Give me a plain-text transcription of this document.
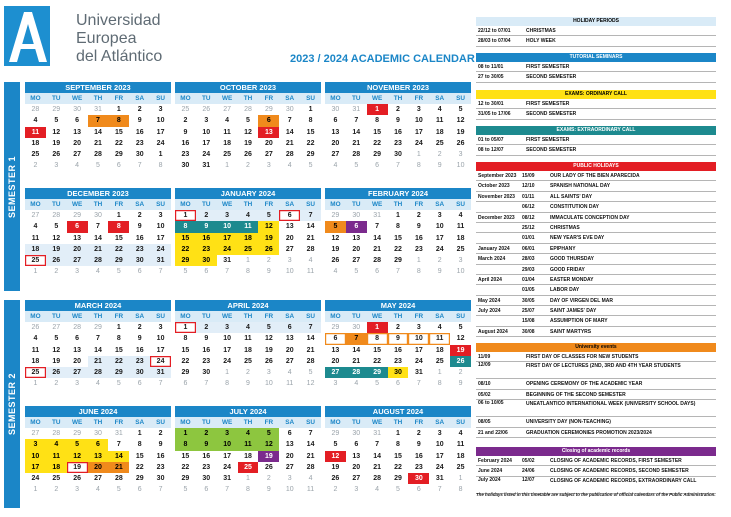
Universidad
Europea
del Atlántico	2023 / 2024 ACADEMIC CALENDAR
SEMESTER 1
SEMESTER 2
SEPTEMBER 2023
MO	TU	WE	TH	FR	SA	SU
28	29	30	31	1	2	3
4	5	6	7	8	9	10
11	12	13	14	15	16	17
18	19	20	21	22	23	24
25	26	27	28	29	30	1
2	3	4	5	6	7	8
OCTOBER 2023
MO	TU	WE	TH	FR	SA	SU
25	26	27	28	29	30	1
2	3	4	5	6	7	8
9	10	11	12	13	14	15
16	17	18	19	20	21	22
23	24	25	26	27	28	29
30	31	1	2	3	4	5
NOVEMBER 2023
MO	TU	WE	TH	FR	SA	SU
30	31	1	2	3	4	5
6	7	8	9	10	11	12
13	14	15	16	17	18	19
20	21	22	23	24	25	26
27	28	29	30	1	2	3
4	5	6	7	8	9	10
DECEMBER 2023
MO	TU	WE	TH	FR	SA	SU
27	28	29	30	1	2	3
4	5	6	7	8	9	10
11	12	13	14	15	16	17
18	19	20	21	22	23	24
25	26	27	28	29	30	31
1	2	3	4	5	6	7
JANUARY 2024
MO	TU	WE	TH	FR	SA	SU
1	2	3	4	5	6	7
8	9	10	11	12	13	14
15	16	17	18	19	20	21
22	23	24	25	26	27	28
29	30	31	1	2	3	4
5	6	7	8	9	10	11
FEBRUARY 2024
MO	TU	WE	TH	FR	SA	SU
29	30	31	1	2	3	4
5	6	7	8	9	10	11
12	13	14	15	16	17	18
19	20	21	22	23	24	25
26	27	28	29	1	2	3
4	5	6	7	8	9	10
MARCH 2024
MO	TU	WE	TH	FR	SA	SU
26	27	28	29	1	2	3
4	5	6	7	8	9	10
11	12	13	14	15	16	17
18	19	20	21	22	23	24
25	26	27	28	29	30	31
1	2	3	4	5	6	7
APRIL 2024
MO	TU	WE	TH	FR	SA	SU
1	2	3	4	5	6	7
8	9	10	11	12	13	14
15	16	17	18	19	20	21
22	23	24	25	26	27	28
29	30	1	2	3	4	5
6	7	8	9	10	11	12
MAY 2024
MO	TU	WE	TH	FR	SA	SU
29	30	1	2	3	4	5
6	7	8	9	10	11	12
13	14	15	16	17	18	19
20	21	22	23	24	25	26
27	28	29	30	31	1	2
3	4	5	6	7	8	9
JUNE 2024
MO	TU	WE	TH	FR	SA	SU
27	28	29	30	31	1	2
3	4	5	6	7	8	9
10	11	12	13	14	15	16
17	18	19	20	21	22	23
24	25	26	27	28	29	30
1	2	3	4	5	6	7
JULY 2024
MO	TU	WE	TH	FR	SA	SU
1	2	3	4	5	6	7
8	9	10	11	12	13	14
15	16	17	18	19	20	21
22	23	24	25	26	27	28
29	30	31	1	2	3	4
5	6	7	8	9	10	11
AUGUST 2024
MO	TU	WE	TH	FR	SA	SU
29	30	31	1	2	3	4
5	6	7	8	9	10	11
12	13	14	15	16	17	18
19	20	21	22	23	24	25
26	27	28	29	30	31	1
2	3	4	5	6	7	8
HOLIDAY PERIODS
22/12 to 07/01	CHRISTMAS
28/03 to 07/04	HOLY WEEK
TUTORIAL SEMINARS
08 to 11/01	FIRST SEMESTER
27 to 30/05	SECOND SEMESTER
EXAMS: ORDINARY CALL
12 to 30/01	FIRST SEMESTER
31/05 to 17/06	SECOND SEMESTER
EXAMS: EXTRAORDINARY CALL
01 to 05/07	FIRST SEMESTER
08 to 12/07	SECOND SEMESTER
PUBLIC HOLIDAYS
September 2023	15/09	OUR LADY OF THE BIEN APARECIDA
October 2023	12/10	SPANISH NATIONAL DAY
November 2023	01/11	ALL SAINTS' DAY
06/12	CONSTITUTION DAY
December 2023	08/12	IMMACULATE CONCEPTION DAY
25/12	CHRISTMAS
01/01	NEW YEAR'S EVE DAY
January 2024	06/01	EPIPHANY
March 2024	28/03	GOOD THURSDAY
29/03	GOOD FRIDAY
April 2024	01/04	EASTER MONDAY
01/05	LABOR DAY
May 2024	30/05	DAY OF VIRGEN DEL MAR
July 2024	25/07	SAINT JAMES' DAY
15/08	ASSUMPTION OF MARY
August 2024	30/08	SAINT MARTYRS
University events
11/09	FIRST DAY OF CLASSES FOR NEW STUDENTS
12/09	FIRST DAY OF LECTURES (2ND, 3RD AND 4TH YEAR STUDENTS
08/10	OPENING CEREMONY OF THE ACADEMIC YEAR
05/02	BEGINNING OF THE SECOND SEMESTER
06 to 10/05	UNEATLANTICO INTERNATIONAL WEEK (UNIVERSITY SCHOOL DAYS)
08/05	UNIVERSITY DAY (NON-TEACHING)
21 and 22/06	GRADUATION CEREMONIES PROMOTION 2023/2024
Closing of academic records
February 2024	05/02	CLOSING OF ACADEMIC RECORDS, FIRST SEMESTER
June 2024	24/06	CLOSING OF ACADEMIC RECORDS, SECOND SEMESTER
July 2024	12/07	CLOSING OF ACADEMIC RECORDS, EXTRAORDINARY CALL
The holidays listed in this timetable are subject to the publication of official calendars of the Public Administration.
